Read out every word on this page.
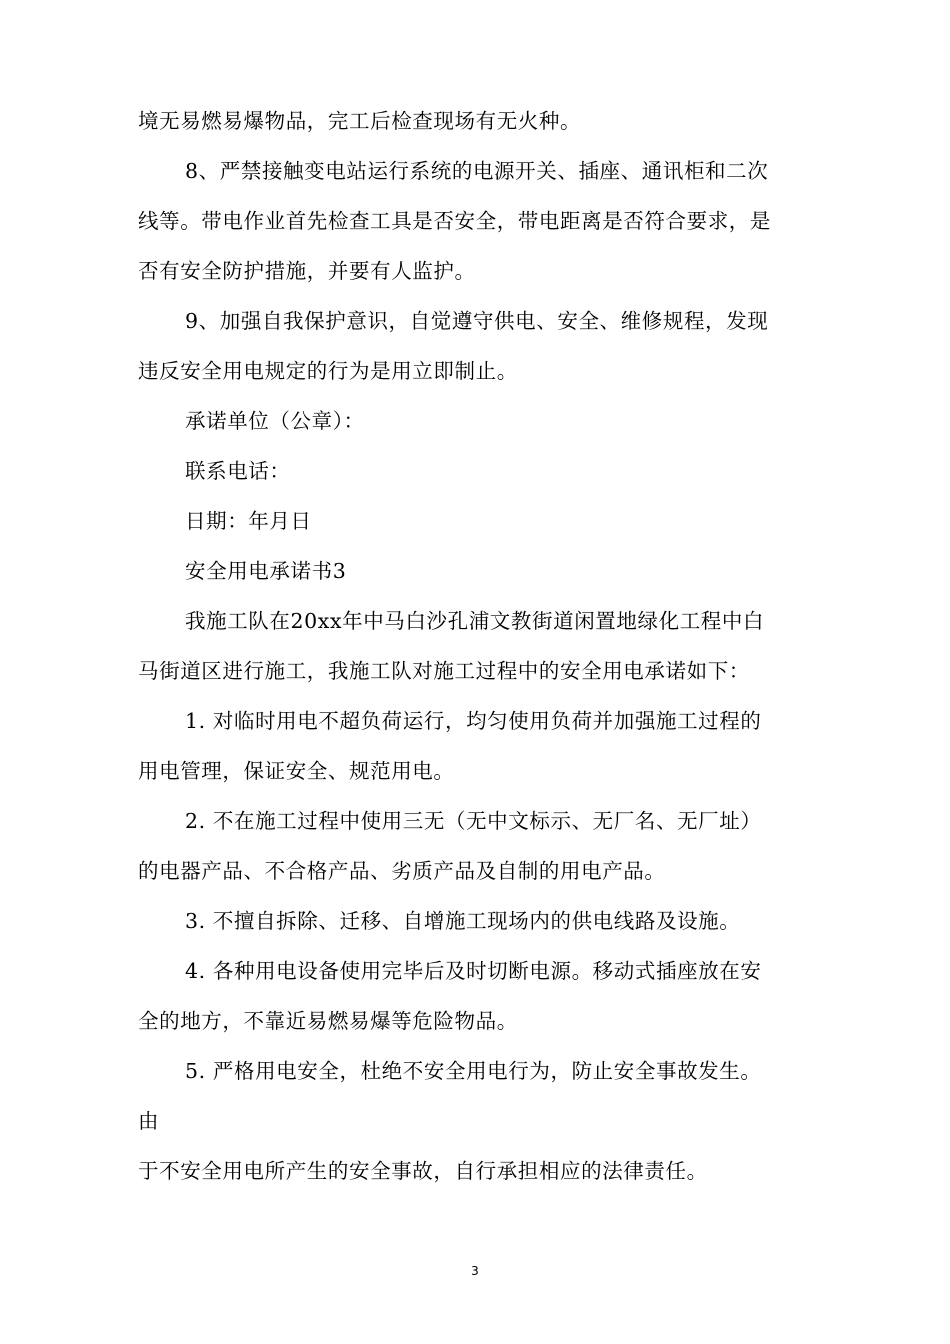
境无易燃易爆物品，完工后检查现场有无火种。
8、严禁接触变电站运行系统的电源开关、插座、通讯柜和二次
线等。带电作业首先检查工具是否安全，带电距离是否符合要求，是
否有安全防护措施，并要有人监护。
9、加强自我保护意识，自觉遵守供电、安全、维修规程，发现
违反安全用电规定的行为是用立即制止。
承诺单位（公章）：
联系电话：
日期：年月日
安全用电承诺书3
我施工队在20xx年中马白沙孔浦文教街道闲置地绿化工程中白
马街道区进行施工，我施工队对施工过程中的安全用电承诺如下：
1. 对临时用电不超负荷运行，均匀使用负荷并加强施工过程的
用电管理，保证安全、规范用电。
2. 不在施工过程中使用三无（无中文标示、无厂名、无厂址）
的电器产品、不合格产品、劣质产品及自制的用电产品。
3. 不擅自拆除、迁移、自增施工现场内的供电线路及设施。
4. 各种用电设备使用完毕后及时切断电源。移动式插座放在安
全的地方，不靠近易燃易爆等危险物品。
5. 严格用电安全，杜绝不安全用电行为，防止安全事故发生。
由
于不安全用电所产生的安全事故，自行承担相应的法律责任。
3
